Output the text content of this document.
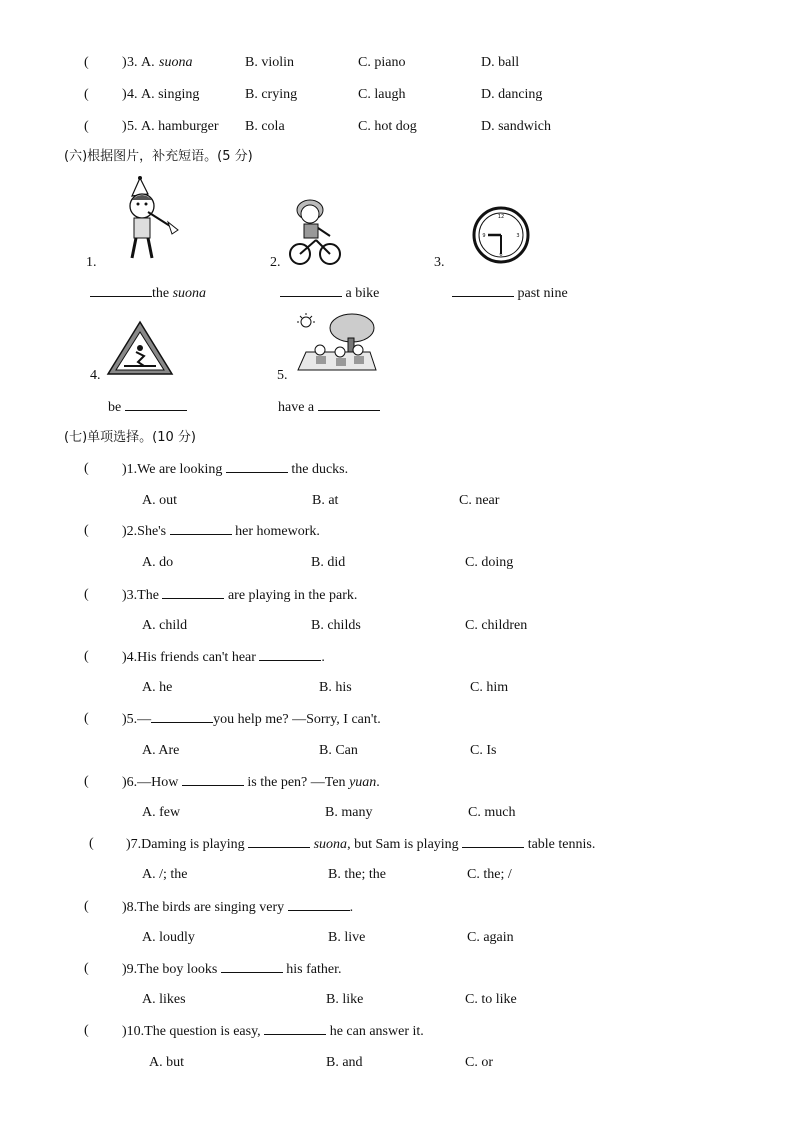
( ) 3. A. suona	B. violin	C. piano	D. ball
( ) 4. A. singing	B. crying	C. laugh	D. dancing
( ) 5. A. hamburger B. cola	C. hot dog	D. sandwich
(六)根据图片，补充短语。(5 分)
1.	2.
12
3
6
9
3.
the suona	a bike	past nine
4.	5.
be	have a
(七)单项选择。(10 分)
( )1.We are looking	the ducks.
A. out	B. at	C. near
( )2.She's	her homework.
A. do	B. did	C. doing
( )3.The	are playing in the park.
A. child	B. childs	C. children
( )4.His friends can't hear	.
A. he	B. his	C. him
( )5.—	you help me? —Sorry, I can't.
A. Are	B. Can	C. Is
( )6.—How	is the pen? —Ten yuan.
A. few	B. many	C. much
( )7.Daming is playing	suona, but Sam is playing	table tennis.
A. /; the	B. the; the	C. the; /
( )8.The birds are singing very	.
A. loudly	B. live	C. again
( )9.The boy looks	his father.
A. likes	B. like	C. to like
( )10.The question is easy,	he can answer it.
A. but	B. and	C. or
